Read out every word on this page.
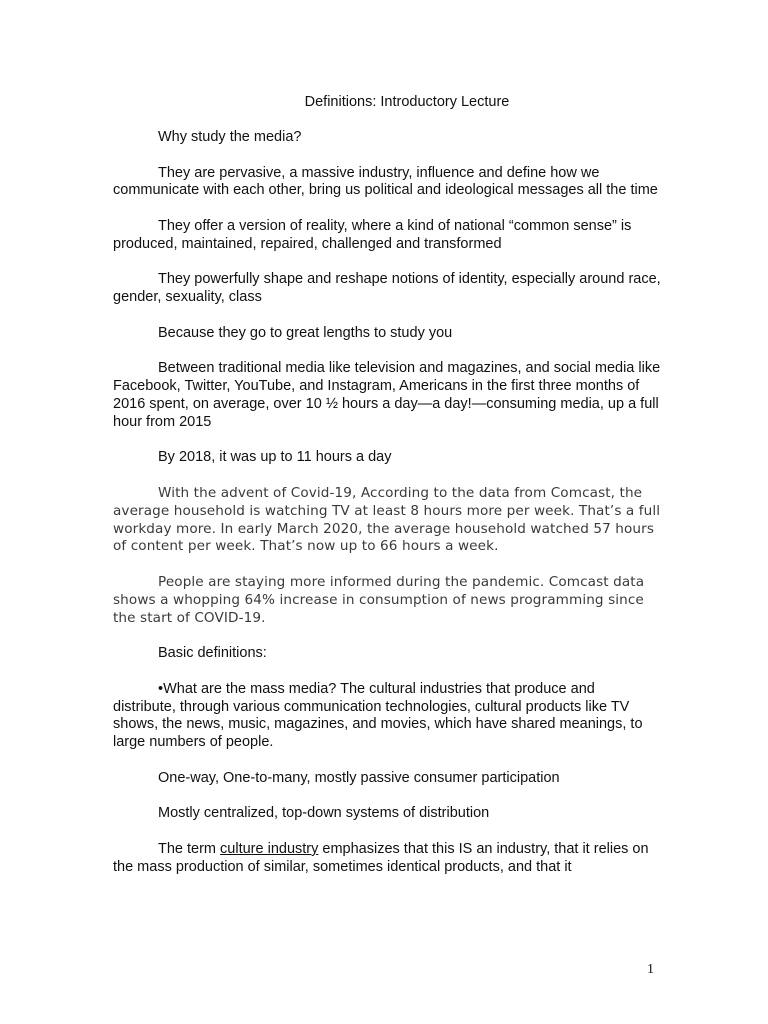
Definitions: Introductory Lecture

Why study the media?

They are pervasive, a massive industry, influence and define how we communicate with each other, bring us political and ideological messages all the time

They offer a version of reality, where a kind of national “common sense” is produced, maintained, repaired, challenged and transformed

They powerfully shape and reshape notions of identity, especially around race, gender, sexuality, class

Because they go to great lengths to study you

Between traditional media like television and magazines, and social media like Facebook, Twitter, YouTube, and Instagram, Americans in the first three months of 2016 spent, on average, over 10 ½ hours a day—a day!—consuming media, up a full hour from 2015

By 2018, it was up to 11 hours a day

With the advent of Covid-19, According to the data from Comcast, the average household is watching TV at least 8 hours more per week. That’s a full workday more. In early March 2020, the average household watched 57 hours of content per week. That’s now up to 66 hours a week.

People are staying more informed during the pandemic. Comcast data shows a whopping 64% increase in consumption of news programming since the start of COVID-19.

Basic definitions:

•What are the mass media? The cultural industries that produce and distribute, through various communication technologies, cultural products like TV shows, the news, music, magazines, and movies, which have shared meanings, to large numbers of people.

One-way, One-to-many, mostly passive consumer participation

Mostly centralized, top-down systems of distribution

The term culture industry emphasizes that this IS an industry, that it relies on the mass production of similar, sometimes identical products, and that it

1
